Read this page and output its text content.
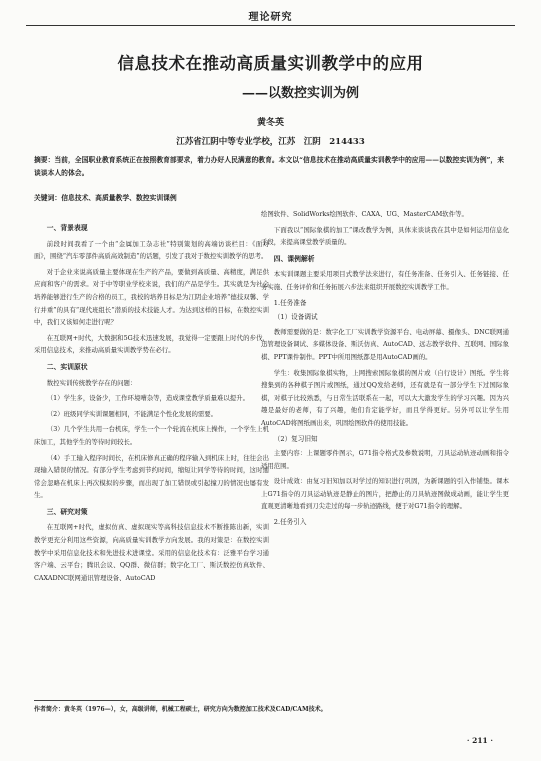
理论研究
信息技术在推动高质量实训教学中的应用
——以数控实训为例
黄冬英
江苏省江阴中等专业学校，江苏　江阴　214433
摘要：当前，全国职业教育系统正在按照教育部要求，着力办好人民满意的教育。本文以“信息技术在推动高质量实训教学中的应用——以数控实训为例”，来谈谈本人的体会。
关键词：信息技术、高质量教学、数控实训课例
一、背景表现

前段时间我看了一个由“金属加工杂志社”特别策划的高端访谈栏目：《面对面》，围绕“汽车零部件高质高效制造”的话题，引发了我对于数控实训教学的思考。

对于企业来说高质量主要体现在生产的产品，要做到高质量、高精度，满足供应商和客户的需求。对于中等职业学校来说，我们的产品是学生。其实就是为社会培养能够进行生产的合格的员工，我校的培养目标是为江阴企业培养“德技双馨、学行并重”的具有“现代班组长”潜质的技术技能人才。为达到这样的目标，在数控实训中，我们又该如何走进行呢？

在互联网+时代，大数据和5G技术迅速发展，我觉得一定要跟上时代的步伐，采用信息技术，来推动高质量实训教学势在必行。

二、实训原状

数控实训传统教学存在的问题：

（1）学生多，设备少，工作环境嘈杂等，造成课堂教学质量难以提升。

（2）班级同学实训课题相同，不能满足个性化发展的需要。

（3）几个学生共用一台机床，学生一个一个轮流在机床上操作，一个学生上机床加工，其他学生的等待时间较长。

（4）手工输入程序时间长，在机床修真正确的程序输入到机床上时，往往会出现输入错误的情况。有部分学生考虑到节约时间，缩短让同学等待的时间，这时通常会忽略在机床上再次模拟的步骤，而出现了加工错误或引起撞刀的情况也屡有发生。

三、研究对策

在互联网+时代，虚拟仿真、虚拟现实等高科技信息技术不断推陈出新，实训教学更充分利用这些资源，向高质量实训教学方向发展。我的对策是：在数控实训教学中采用信息化技术和先进技术进课堂。采用的信息化技术有：泛雅平台学习通客户端、云平台；腾讯会议、QQ群、微信群；数字化工厂、斯沃数控仿真软件、CAXADNC联网通讯管理设备、AutoCAD

绘图软件、SolidWorks绘图软件、CAXA、UG、MasterCAM软件等。

下面我以“国际象棋的加工”课改教学为例，具体来谈谈我在其中是如何运用信息化手段，来提高课堂教学质量的。

四、课例解析

本实训课题主要采用项目式教学法来进行，有任务准备、任务引入、任务链接、任务实施、任务评价和任务拓展六步法来组织开展数控实训教学工作。

1.任务准备
（1）设备调试

教师需要做的是：数字化工厂实训教学资源平台、电动屏幕、摄像头、DNC联网通迅管理设备调试、多媒体设备、斯沃仿真、AutoCAD、远志教学软件、互联网、国际象棋、PPT课件制作。PPT中所用图纸都是用AutoCAD画的。

学生：收集国际象棋实物，上网搜索国际象棋的图片或（自行设计）图纸。学生将搜集到的各种棋子图片或图纸，通过QQ发给老师，还有就是有一部分学生下过国际象棋，对棋子比较熟悉，与日常生活联系在一起，可以大大激发学生的学习兴趣。因为兴趣是最好的老师，有了兴趣，他们肯定能学好，而且学得更好。另外可以让学生用AutoCAD将图纸画出来，巩固绘图软件的使用技能。

（2）复习旧知

主要内容：上课题零件图示，G71指令格式及参数说明，刀具运动轨迹动画和指令适用范围。

设计成效：由复习旧知加以对学过的知识进行巩固，为新课题的引入作铺垫。课本上G71指令的刀具运动轨迹是静止的图片，把静止的刀具轨迹图做成动画，能让学生更直观更清晰地看到刀尖走过的每一步轨迹路线，便于对G71指令的理解。

2.任务引入
作者简介：黄冬英（1976—），女，高级讲师，机械工程硕士，研究方向为数控加工技术及CAD/CAM技术。
· 211 ·
